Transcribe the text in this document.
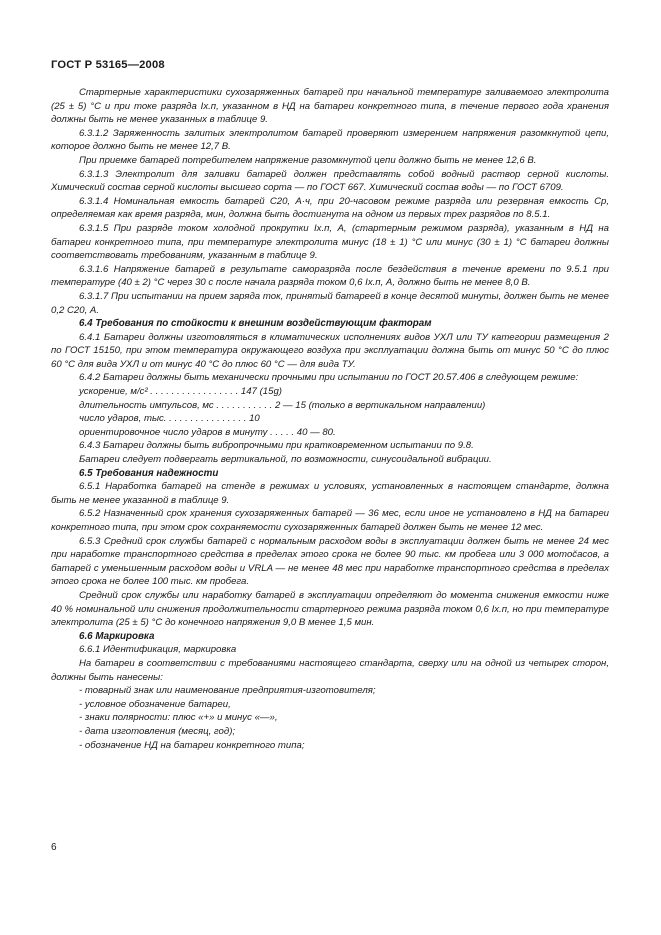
ГОСТ Р 53165—2008

Стартерные характеристики сухозаряженных батарей при начальной температуре заливаемого электролита (25 ± 5) °С и при токе разряда Iх.п, указанном в НД на батареи конкретного типа, в течение первого года хранения должны быть не менее указанных в таблице 9.

6.3.1.2 Заряженность залитых электролитом батарей проверяют измерением напряжения разомкнутой цепи, которое должно быть не менее 12,7 В.

При приемке батарей потребителем напряжение разомкнутой цепи должно быть не менее 12,6 В.

6.3.1.3 Электролит для заливки батарей должен представлять собой водный раствор серной кислоты. Химический состав серной кислоты высшего сорта — по ГОСТ 667. Химический состав воды — по ГОСТ 6709.

6.3.1.4 Номинальная емкость батарей С20, А·ч, при 20-часовом режиме разряда или резервная емкость Ср, определяемая как время разряда, мин, должна быть достигнута на одном из первых трех разрядов по 8.5.1.

6.3.1.5 При разряде током холодной прокрутки Iх.п, А, (стартерным режимом разряда), указанным в НД на батареи конкретного типа, при температуре электролита минус (18 ± 1) °С или минус (30 ± 1) °С батареи должны соответствовать требованиям, указанным в таблице 9.

6.3.1.6 Напряжение батарей в результате саморазряда после бездействия в течение времени по 9.5.1 при температуре (40 ± 2) °С через 30 с после начала разряда током 0,6 Iх.п, А, должно быть не менее 8,0 В.

6.3.1.7 При испытании на прием заряда ток, принятый батареей в конце десятой минуты, должен быть не менее 0,2 С20, А.

6.4 Требования по стойкости к внешним воздействующим факторам

6.4.1 Батареи должны изготовляться в климатических исполнениях видов УХЛ или ТУ категории размещения 2 по ГОСТ 15150, при этом температура окружающего воздуха при эксплуатации должна быть от минус 50 °С до плюс 60 °С для вида УХЛ и от минус 40 °С до плюс 60 °С — для вида ТУ.

6.4.2 Батареи должны быть механически прочными при испытании по ГОСТ 20.57.406 в следующем режиме:

ускорение, м/с² . . . . . . . . . . . . . . . . . 147 (15g)
длительность импульсов, мс . . . . . . . . . . . 2 — 15 (только в вертикальном направлении)
число ударов, тыс. . . . . . . . . . . . . . . . 10
ориентировочное число ударов в минуту . . . . . 40 — 80.

6.4.3 Батареи должны быть вибропрочными при кратковременном испытании по 9.8.

Батареи следует подвергать вертикальной, по возможности, синусоидальной вибрации.

6.5 Требования надежности

6.5.1 Наработка батарей на стенде в режимах и условиях, установленных в настоящем стандарте, должна быть не менее указанной в таблице 9.

6.5.2 Назначенный срок хранения сухозаряженных батарей — 36 мес, если иное не установлено в НД на батареи конкретного типа, при этом срок сохраняемости сухозаряженных батарей должен быть не менее 12 мес.

6.5.3 Средний срок службы батарей с нормальным расходом воды в эксплуатации должен быть не менее 24 мес при наработке транспортного средства в пределах этого срока не более 90 тыс. км пробега или 3 000 мотočасов, а батарей с уменьшенным расходом воды и VRLA — не менее 48 мес при наработке транспортного средства в пределах этого срока не более 100 тыс. км пробега.

Средний срок службы или наработку батарей в эксплуатации определяют до момента снижения емкости ниже 40 % номинальной или снижения продолжительности стартерного режима разряда током 0,6 Iх.п, но при температуре электролита (25 ± 5) °С до конечного напряжения 9,0 В менее 1,5 мин.

6.6 Маркировка

6.6.1 Идентификация, маркировка

На батареи в соответствии с требованиями настоящего стандарта, сверху или на одной из четырех сторон, должны быть нанесены:

- товарный знак или наименование предприятия-изготовителя;
- условное обозначение батареи,
- знаки полярности: плюс «+» и минус «—»,
- дата изготовления (месяц, год);
- обозначение НД на батареи конкретного типа;
6
